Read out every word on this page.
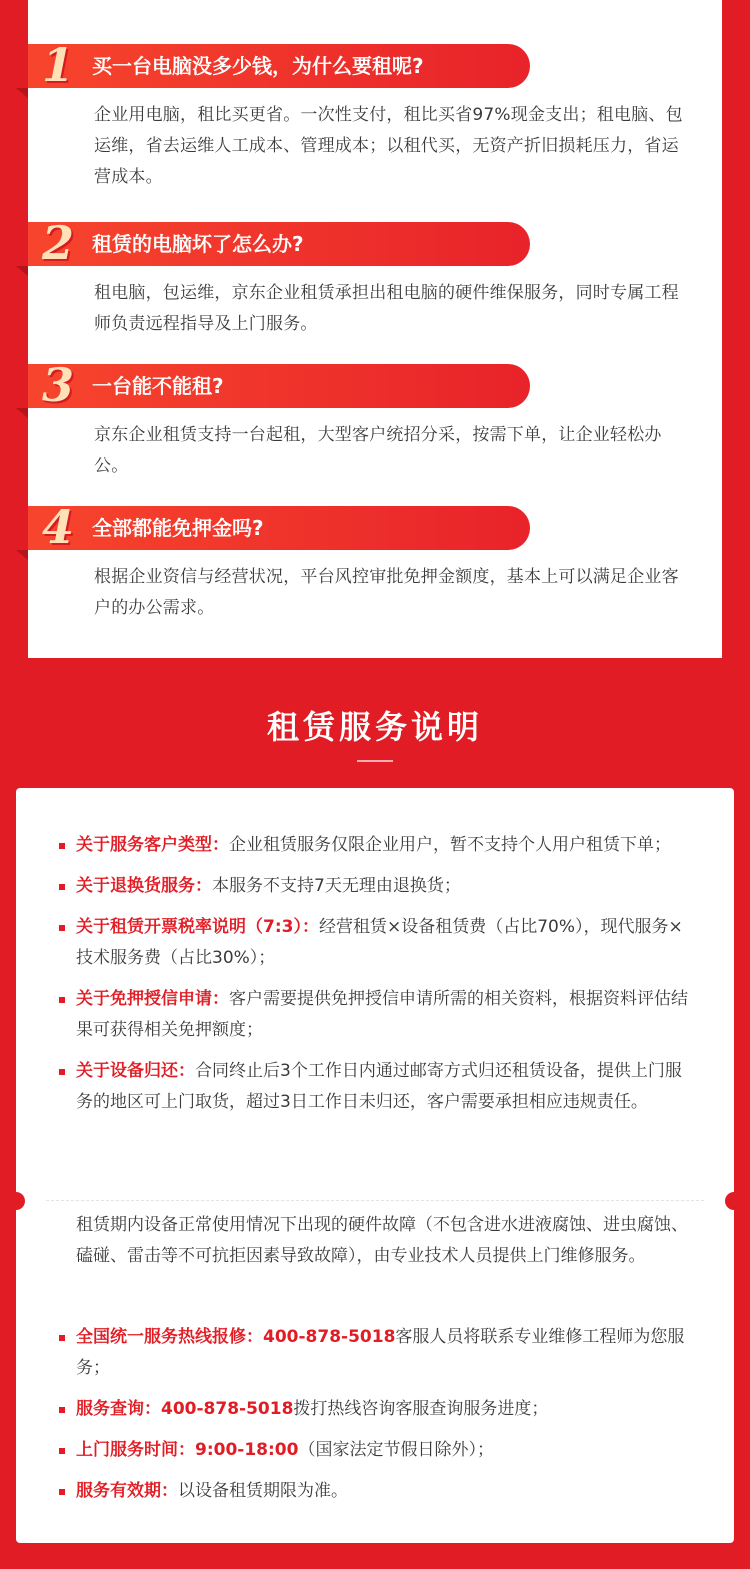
1 买一台电脑没多少钱，为什么要租呢?
企业用电脑，租比买更省。一次性支付，租比买省97%现金支出；租电脑、包运维，省去运维人工成本、管理成本；以租代买，无资产折旧损耗压力，省运营成本。
2 租赁的电脑坏了怎么办?
租电脑，包运维，京东企业租赁承担出租电脑的硬件维保服务，同时专属工程师负责远程指导及上门服务。
3 一台能不能租?
京东企业租赁支持一台起租，大型客户统招分采，按需下单，让企业轻松办公。
4 全部都能免押金吗?
根据企业资信与经营状况，平台风控审批免押金额度，基本上可以满足企业客户的办公需求。
租赁服务说明
关于服务客户类型：企业租赁服务仅限企业用户，暂不支持个人用户租赁下单；
关于退换货服务：本服务不支持7天无理由退换货；
关于租赁开票税率说明（7:3）：经营租赁×设备租赁费（占比70%），现代服务×技术服务费（占比30%）；
关于免押授信申请：客户需要提供免押授信申请所需的相关资料，根据资料评估结果可获得相关免押额度；
关于设备归还：合同终止后3个工作日内通过邮寄方式归还租赁设备，提供上门服务的地区可上门取货，超过3日工作日未归还，客户需要承担相应违规责任。
租赁期内设备正常使用情况下出现的硬件故障（不包含进水进液腐蚀、进虫腐蚀、磕碰、雷击等不可抗拒因素导致故障），由专业技术人员提供上门维修服务。
全国统一服务热线报修：400-878-5018客服人员将联系专业维修工程师为您服务；
服务查询：400-878-5018拨打热线咨询客服查询服务进度；
上门服务时间：9:00-18:00（国家法定节假日除外）；
服务有效期：以设备租赁期限为准。
